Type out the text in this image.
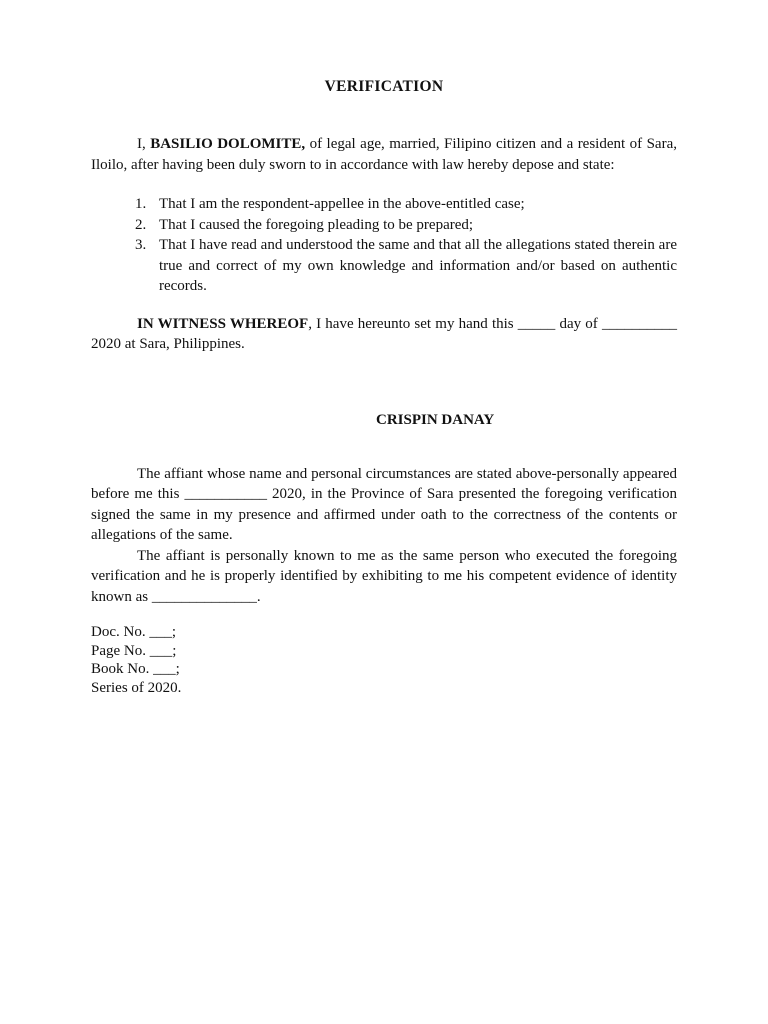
VERIFICATION

I, BASILIO DOLOMITE, of legal age, married, Filipino citizen and a resident of Sara, Iloilo, after having been duly sworn to in accordance with law hereby depose and state:

1. That I am the respondent-appellee in the above-entitled case;
2. That I caused the foregoing pleading to be prepared;
3. That I have read and understood the same and that all the allegations stated therein are true and correct of my own knowledge and information and/or based on authentic records.

IN WITNESS WHEREOF, I have hereunto set my hand this _____ day of __________ 2020 at Sara, Philippines.

CRISPIN DANAY

The affiant whose name and personal circumstances are stated above-personally appeared before me this ___________ 2020, in the Province of Sara presented the foregoing verification signed the same in my presence and affirmed under oath to the correctness of the contents or allegations of the same.

The affiant is personally known to me as the same person who executed the foregoing verification and he is properly identified by exhibiting to me his competent evidence of identity known as ______________.

Doc. No. ___;
Page No. ___;
Book No. ___;
Series of 2020.
